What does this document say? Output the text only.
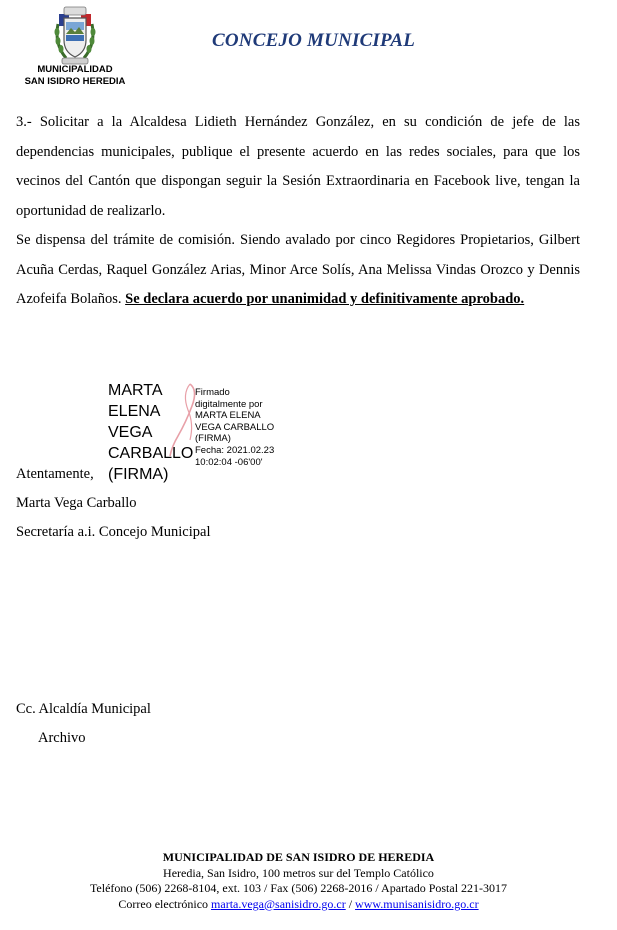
MUNICIPALIDAD
SAN ISIDRO HEREDIA
CONCEJO MUNICIPAL
3.- Solicitar a la Alcaldesa Lidieth Hernández González, en su condición de jefe de las dependencias municipales, publique el presente acuerdo en las redes sociales, para que los vecinos del Cantón que dispongan seguir la Sesión Extraordinaria en Facebook live, tengan la oportunidad de realizarlo.
Se dispensa del trámite de comisión. Siendo avalado por cinco Regidores Propietarios, Gilbert Acuña Cerdas, Raquel González Arias, Minor Arce Solís, Ana Melissa Vindas Orozco y Dennis Azofeifa Bolaños. Se declara acuerdo por unanimidad y definitivamente aprobado.
MARTA
ELENA
VEGA
CARBALLO
(FIRMA)
Firmado
digitalmente por
MARTA ELENA
VEGA CARBALLO
(FIRMA)
Fecha: 2021.02.23
10:02:04 -06'00'
Atentamente,
Marta Vega Carballo
Secretaría a.i. Concejo Municipal
Cc. Alcaldía Municipal
Archivo
MUNICIPALIDAD DE SAN ISIDRO DE HEREDIA
Heredia, San Isidro, 100 metros sur del Templo Católico
Teléfono (506) 2268-8104, ext. 103 / Fax (506) 2268-2016 / Apartado Postal 221-3017
Correo electrónico marta.vega@sanisidro.go.cr / www.munisanisidro.go.cr
